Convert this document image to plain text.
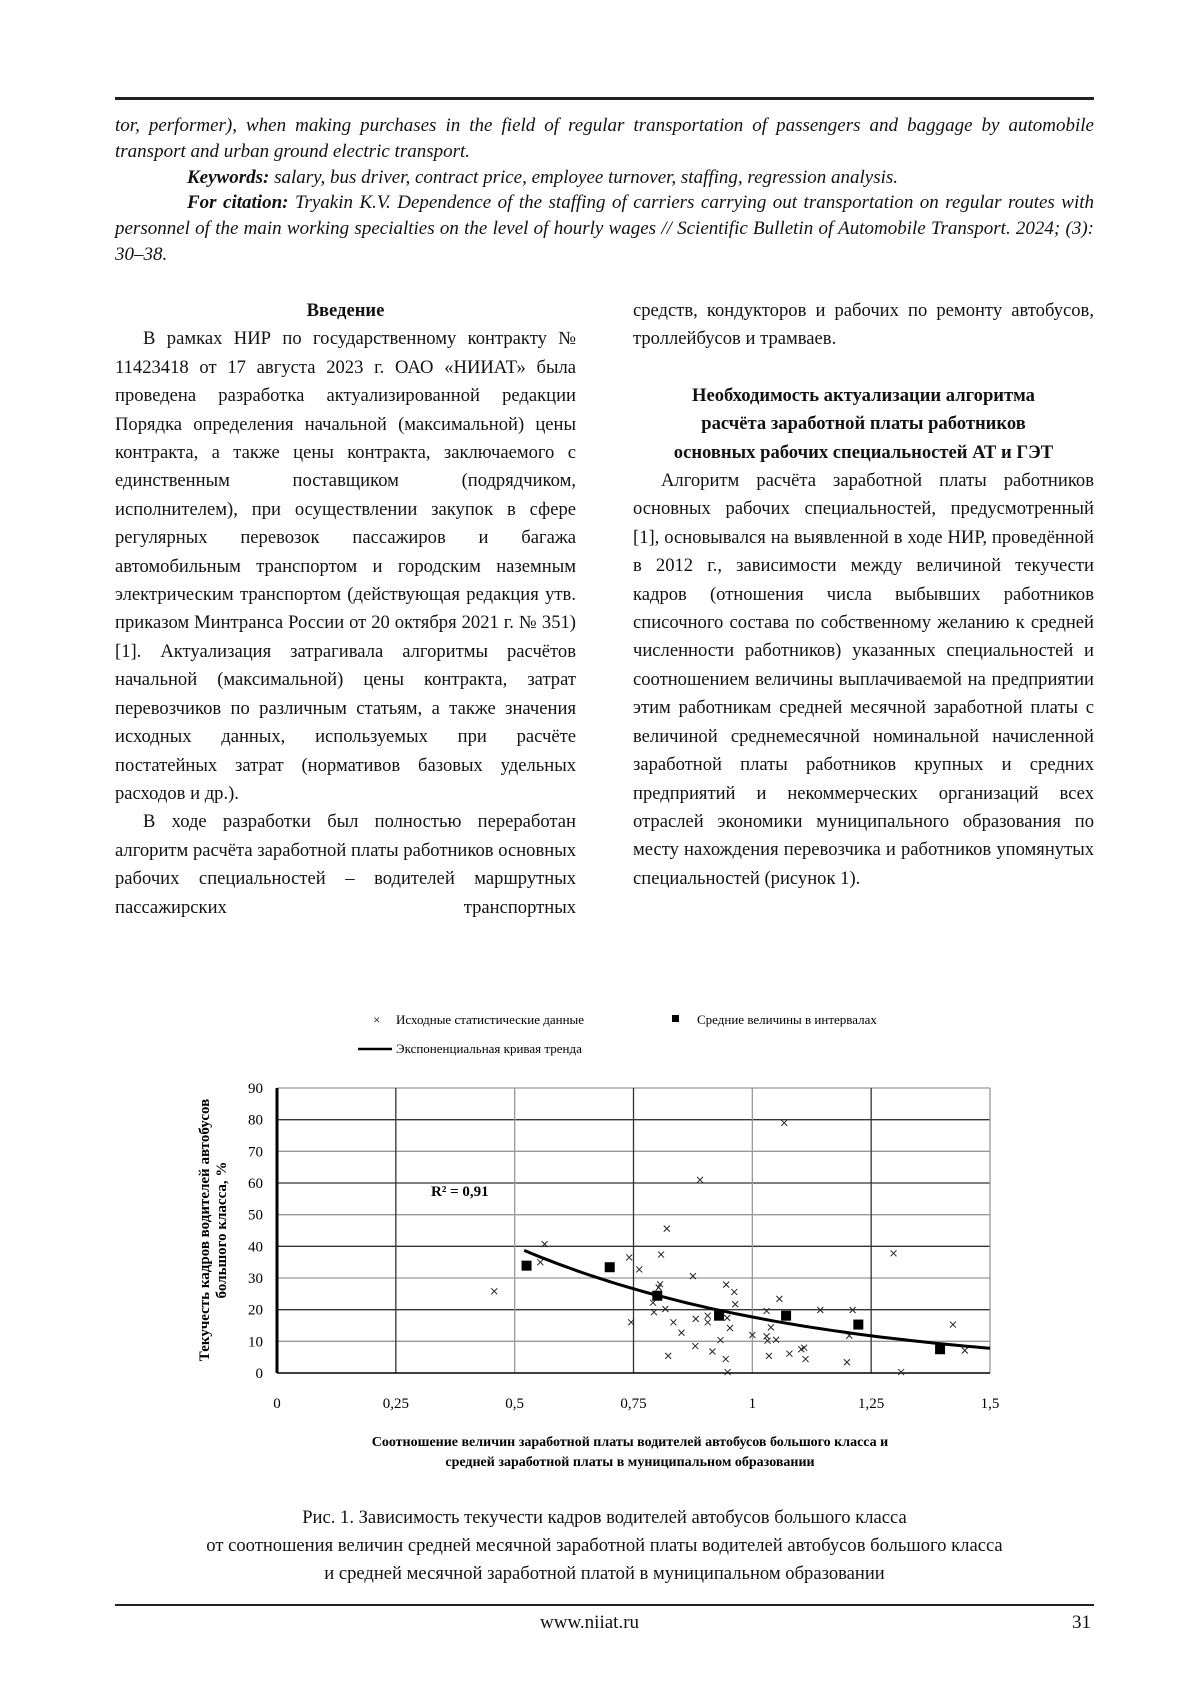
tor, performer), when making purchases in the field of regular transportation of passengers and baggage by automobile transport and urban ground electric transport.

Keywords: salary, bus driver, contract price, employee turnover, staffing, regression analysis.

For citation: Tryakin K.V. Dependence of the staffing of carriers carrying out transportation on regular routes with personnel of the main working specialties on the level of hourly wages // Scientific Bulletin of Automobile Transport. 2024; (3): 30–38.

Введение

В рамках НИР по государственному контракту № 11423418 от 17 августа 2023 г. ОАО «НИИАТ» была проведена разработка актуализированной редакции Порядка определения начальной (максимальной) цены контракта, а также цены контракта, заключаемого с единственным поставщиком (подрядчиком, исполнителем), при осуществлении закупок в сфере регулярных перевозок пассажиров и багажа автомобильным транспортом и городским наземным электрическим транспортом (действующая редакция утв. приказом Минтранса России от 20 октября 2021 г. № 351) [1]. Актуализация затрагивала алгоритмы расчётов начальной (максимальной) цены контракта, затрат перевозчиков по различным статьям, а также значения исходных данных, используемых при расчёте постатейных затрат (нормативов базовых удельных расходов и др.).

В ходе разработки был полностью переработан алгоритм расчёта заработной платы работников основных рабочих специальностей – водителей маршрутных пассажирских транспортных

средств, кондукторов и рабочих по ремонту автобусов, троллейбусов и трамваев.

Необходимость актуализации алгоритма
расчёта заработной платы работников
основных рабочих специальностей АТ и ГЭТ

Алгоритм расчёта заработной платы работников основных рабочих специальностей, предусмотренный [1], основывался на выявленной в ходе НИР, проведённой в 2012 г., зависимости между величиной текучести кадров (отношения числа выбывших работников списочного состава по собственному желанию к средней численности работников) указанных специальностей и соотношением величины выплачиваемой на предприятии этим работникам средней месячной заработной платы с величиной среднемесячной номинальной начисленной заработной платы работников крупных и средних предприятий и некоммерческих организаций всех отраслей экономики муниципального образования по месту нахождения перевозчика и работников упомянутых специальностей (рисунок 1).

× Исходные статистические данные	Средние величины в интервалах
Экспоненциальная кривая тренда
0
10
20
30
40
50
60
70
80
90
0	0,25	0,5	0,75	1	1,25	1,5
R² = 0,91
Текучесть кадров водителей автобусов большого класса, %
Соотношение величин заработной платы водителей автобусов большого класса и
средней заработной платы в муниципальном образовании
Рис. 1. Зависимость текучести кадров водителей автобусов большого класса
от соотношения величин средней месячной заработной платы водителей автобусов большого класса
и средней месячной заработной платой в муниципальном образовании
www.niiat.ru	31
